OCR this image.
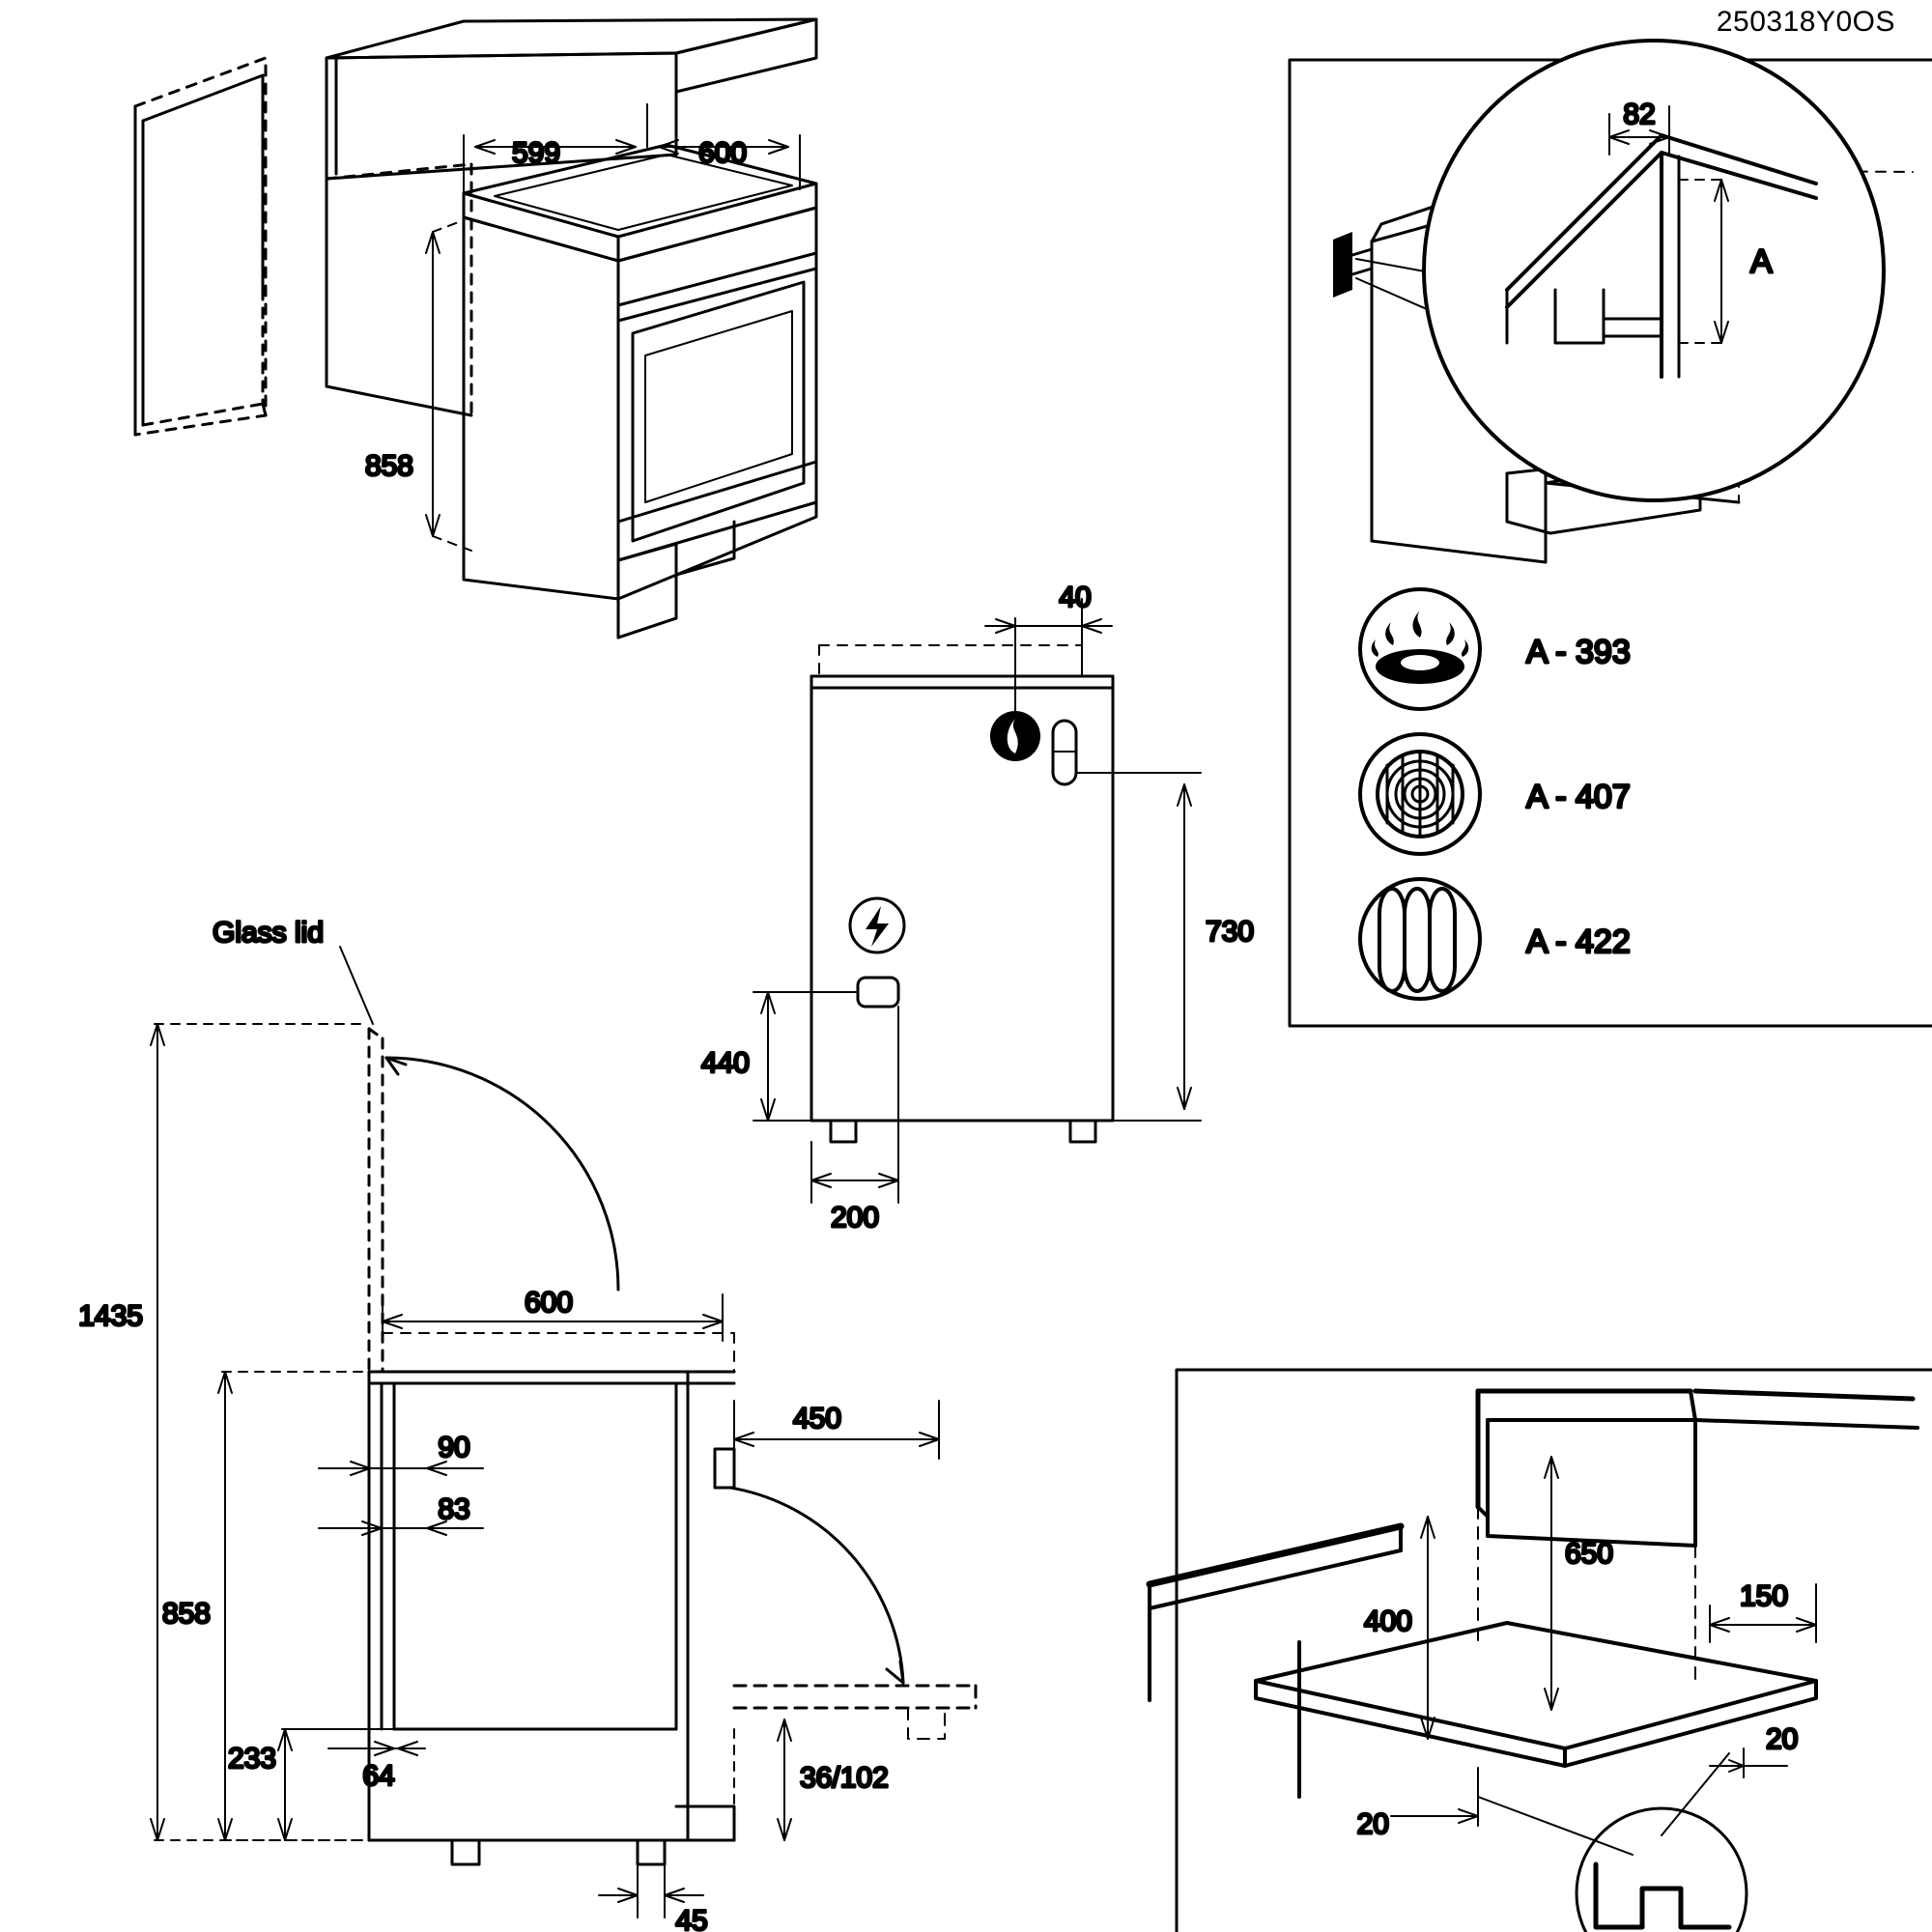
250318Y0OS
599	600
858
40
730
440
200
Glass lid
1435	600
450
90
83
858
233
64
45
36/102
82
A
A - 393
A - 407
A - 422
650
400
150
20
20
